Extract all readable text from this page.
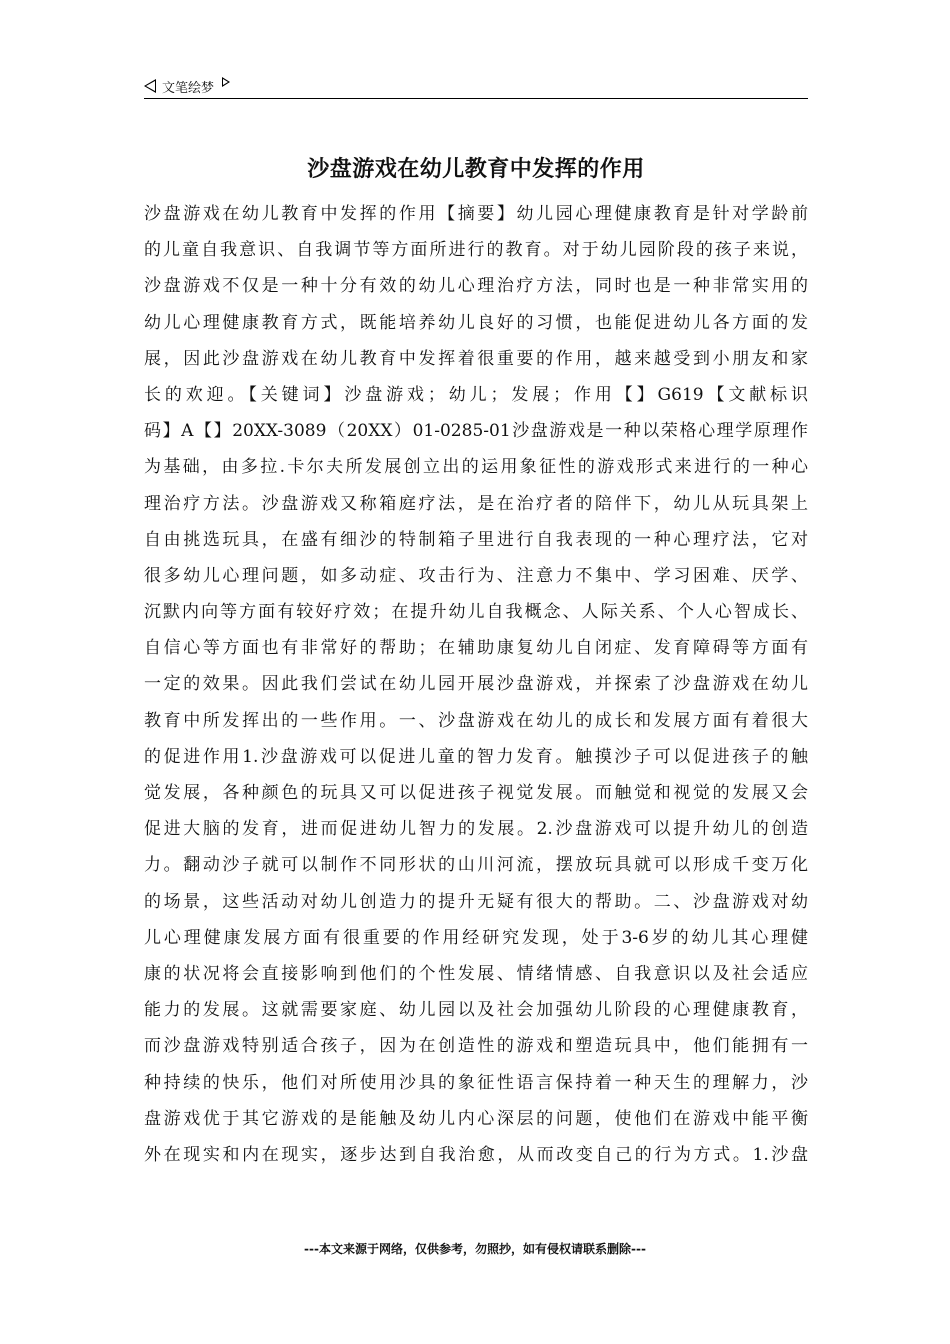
文笔绘梦
沙盘游戏在幼儿教育中发挥的作用
沙盘游戏在幼儿教育中发挥的作用【摘要】幼儿园心理健康教育是针对学龄前
的儿童自我意识、自我调节等方面所进行的教育。对于幼儿园阶段的孩子来说，
沙盘游戏不仅是一种十分有效的幼儿心理治疗方法，同时也是一种非常实用的
幼儿心理健康教育方式，既能培养幼儿良好的习惯，也能促进幼儿各方面的发
展，因此沙盘游戏在幼儿教育中发挥着很重要的作用，越来越受到小朋友和家
长的欢迎。【关键词】沙盘游戏；幼儿；发展；作用【】G619【文献标识
码】A【】20XX-3089（20XX）01-0285-01沙盘游戏是一种以荣格心理学原理作
为基础，由多拉.卡尔夫所发展创立出的运用象征性的游戏形式来进行的一种心
理治疗方法。沙盘游戏又称箱庭疗法，是在治疗者的陪伴下，幼儿从玩具架上
自由挑选玩具，在盛有细沙的特制箱子里进行自我表现的一种心理疗法，它对
很多幼儿心理问题，如多动症、攻击行为、注意力不集中、学习困难、厌学、
沉默内向等方面有较好疗效；在提升幼儿自我概念、人际关系、个人心智成长、
自信心等方面也有非常好的帮助；在辅助康复幼儿自闭症、发育障碍等方面有
一定的效果。因此我们尝试在幼儿园开展沙盘游戏，并探索了沙盘游戏在幼儿
教育中所发挥出的一些作用。一、沙盘游戏在幼儿的成长和发展方面有着很大
的促进作用1.沙盘游戏可以促进儿童的智力发育。触摸沙子可以促进孩子的触
觉发展，各种颜色的玩具又可以促进孩子视觉发展。而触觉和视觉的发展又会
促进大脑的发育，进而促进幼儿智力的发展。2.沙盘游戏可以提升幼儿的创造
力。翻动沙子就可以制作不同形状的山川河流，摆放玩具就可以形成千变万化
的场景，这些活动对幼儿创造力的提升无疑有很大的帮助。二、沙盘游戏对幼
儿心理健康发展方面有很重要的作用经研究发现，处于3-6岁的幼儿其心理健
康的状况将会直接影响到他们的个性发展、情绪情感、自我意识以及社会适应
能力的发展。这就需要家庭、幼儿园以及社会加强幼儿阶段的心理健康教育，
而沙盘游戏特别适合孩子，因为在创造性的游戏和塑造玩具中，他们能拥有一
种持续的快乐，他们对所使用沙具的象征性语言保持着一种天生的理解力，沙
盘游戏优于其它游戏的是能触及幼儿内心深层的问题，使他们在游戏中能平衡
外在现实和内在现实，逐步达到自我治愈，从而改变自己的行为方式。1.沙盘
---本文来源于网络，仅供参考，勿照抄，如有侵权请联系删除---
